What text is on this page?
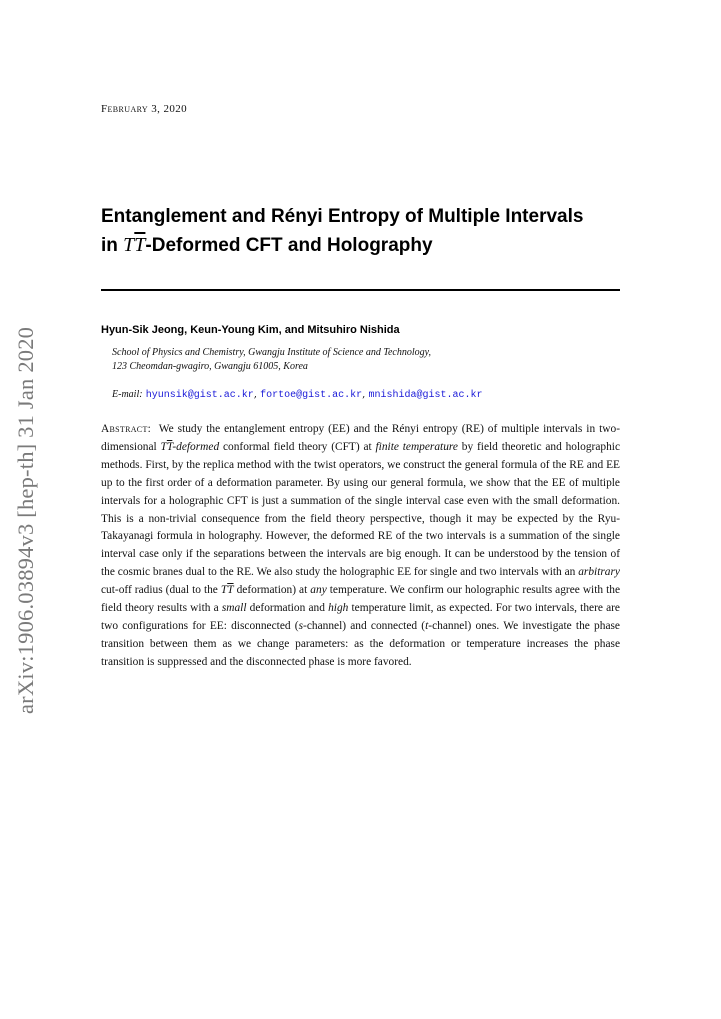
February 3, 2020
Entanglement and Rényi Entropy of Multiple Intervals
in $T\overline{T}$-Deformed CFT and Holography
Hyun-Sik Jeong, Keun-Young Kim, and Mitsuhiro Nishida
School of Physics and Chemistry, Gwangju Institute of Science and Technology,
123 Cheomdan-gwagiro, Gwangju 61005, Korea
E-mail: hyunsik@gist.ac.kr, fortoe@gist.ac.kr, mnishida@gist.ac.kr
Abstract: We study the entanglement entropy (EE) and the Rényi entropy (RE) of multiple intervals in two-dimensional $T\overline{T}$-deformed conformal field theory (CFT) at finite temperature by field theoretic and holographic methods. First, by the replica method with the twist operators, we construct the general formula of the RE and EE up to the first order of a deformation parameter. By using our general formula, we show that the EE of multiple intervals for a holographic CFT is just a summation of the single interval case even with the small deformation. This is a non-trivial consequence from the field theory perspective, though it may be expected by the Ryu-Takayanagi formula in holography. However, the deformed RE of the two intervals is a summation of the single interval case only if the separations between the intervals are big enough. It can be understood by the tension of the cosmic branes dual to the RE. We also study the holographic EE for single and two intervals with an arbitrary cut-off radius (dual to the $T\overline{T}$ deformation) at any temperature. We confirm our holographic results agree with the field theory results with a small deformation and high temperature limit, as expected. For two intervals, there are two configurations for EE: disconnected (s-channel) and connected (t-channel) ones. We investigate the phase transition between them as we change parameters: as the deformation or temperature increases the phase transition is suppressed and the disconnected phase is more favored.
arXiv:1906.03894v3 [hep-th] 31 Jan 2020
